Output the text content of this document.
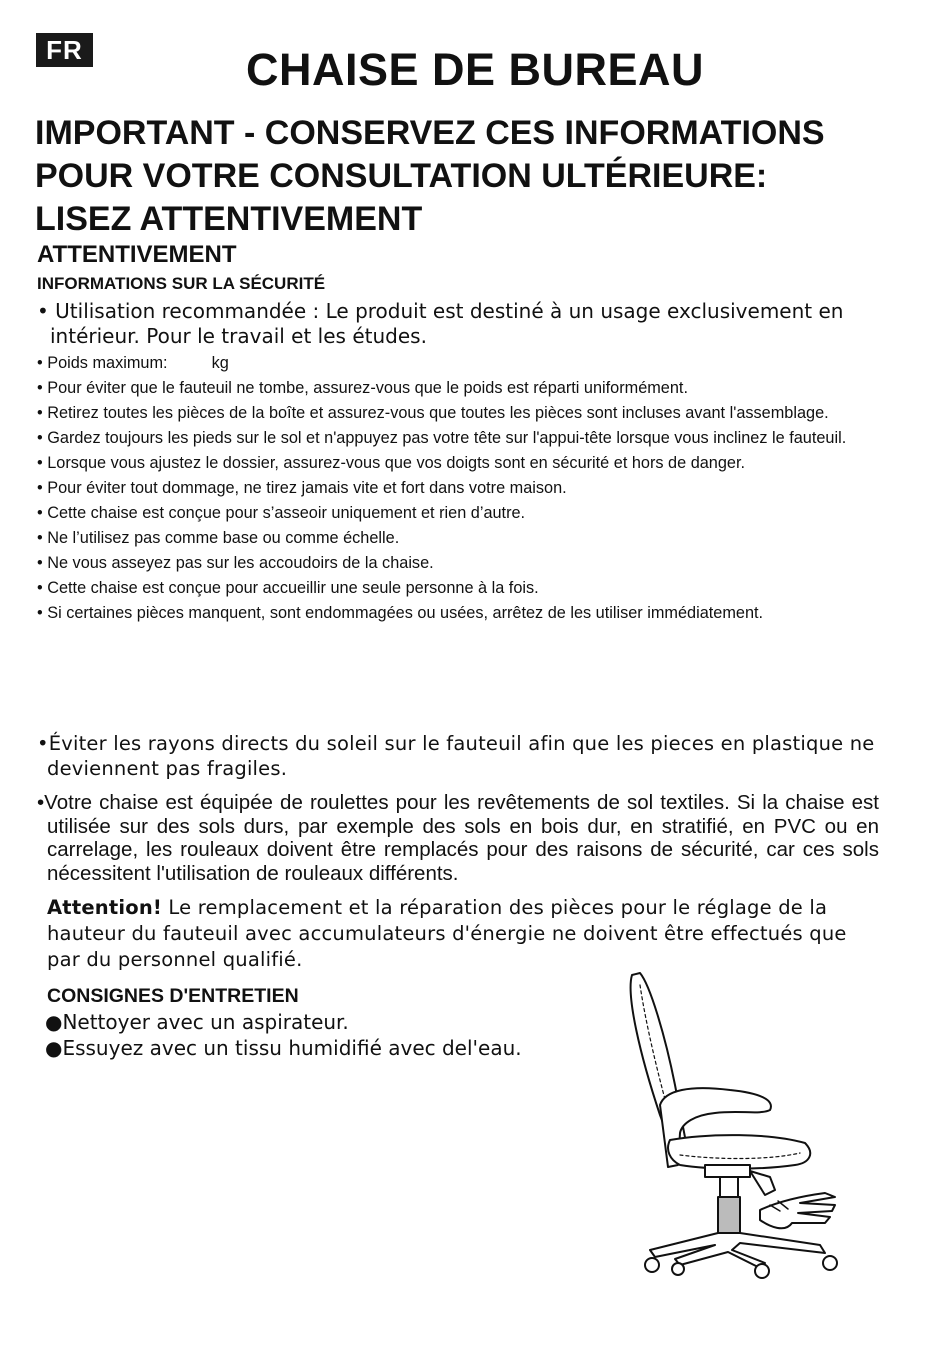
FR	CHAISE DE BUREAU
IMPORTANT - CONSERVEZ CES INFORMATIONS
POUR VOTRE CONSULTATION ULTÉRIEURE:
LISEZ ATTENTIVEMENT
ATTENTIVEMENT
INFORMATIONS SUR LA SÉCURITÉ

• Utilisation recommandée : Le produit est destiné à un usage exclusivement en intérieur. Pour le travail et les études.

• Poids maximum:	kg
• Pour éviter que le fauteuil ne tombe, assurez-vous que le poids est réparti uniformément.
• Retirez toutes les pièces de la boîte et assurez-vous que toutes les pièces sont incluses avant l'assemblage.
• Gardez toujours les pieds sur le sol et n'appuyez pas votre tête sur l'appui-tête lorsque vous inclinez le fauteuil.
• Lorsque vous ajustez le dossier, assurez-vous que vos doigts sont en sécurité et hors de danger.
• Pour éviter tout dommage, ne tirez jamais vite et fort dans votre maison.
• Cette chaise est conçue pour s’asseoir uniquement et rien d’autre.
• Ne l’utilisez pas comme base ou comme échelle.
• Ne vous asseyez pas sur les accoudoirs de la chaise.
• Cette chaise est conçue pour accueillir une seule personne à la fois.
• Si certaines pièces manquent, sont endommagées ou usées, arrêtez de les utiliser immédiatement.

•Éviter les rayons directs du soleil sur le fauteuil afin que les pieces en plastique ne deviennent pas fragiles.

•Votre chaise est équipée de roulettes pour les revêtements de sol textiles. Si la chaise est utilisée sur des sols durs, par exemple des sols en bois dur, en stratifié, en PVC ou en carrelage, les rouleaux doivent être remplacés pour des raisons de sécurité, car ces sols nécessitent l'utilisation de rouleaux différents.

Attention! Le remplacement et la réparation des pièces pour le réglage de la hauteur du fauteuil avec accumulateurs d'énergie ne doivent être effectués que par du personnel qualifié.

CONSIGNES D'ENTRETIEN
●Nettoyer avec un aspirateur.
●Essuyez avec un tissu humidifié avec del'eau.
